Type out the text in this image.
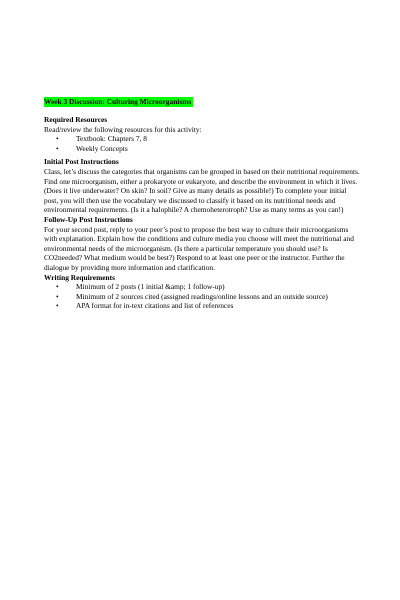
Week 3 Discussion: Culturing Microorganisms

Required Resources

Read/review the following resources for this activity:

• Textbook: Chapters 7, 8
• Weekly Concepts

Initial Post Instructions

Class, let’s discuss the categories that organisms can be grouped in based on their nutritional requirements. Find one microorganism, either a prokaryote or eukaryote, and describe the environment in which it lives. (Does it live underwater? On skin? In soil? Give as many details as possible!) To complete your initial post, you will then use the vocabulary we discussed to classify it based on its nutritional needs and environmental requirements. (Is it a halophile? A chemoheterotroph? Use as many terms as you can!)

Follow-Up Post Instructions

For your second post, reply to your peer’s post to propose the best way to culture their microorganisms with explanation. Explain how the conditions and culture media you choose will meet the nutritional and environmental needs of the microorganism. (Is there a particular temperature you should use? Is CO2needed? What medium would be best?) Respond to at least one peer or the instructor. Further the dialogue by providing more information and clarification.

Writing Requirements

• Minimum of 2 posts (1 initial &amp; 1 follow-up)
• Minimum of 2 sources cited (assigned readings/online lessons and an outside source)
• APA format for in-text citations and list of references
